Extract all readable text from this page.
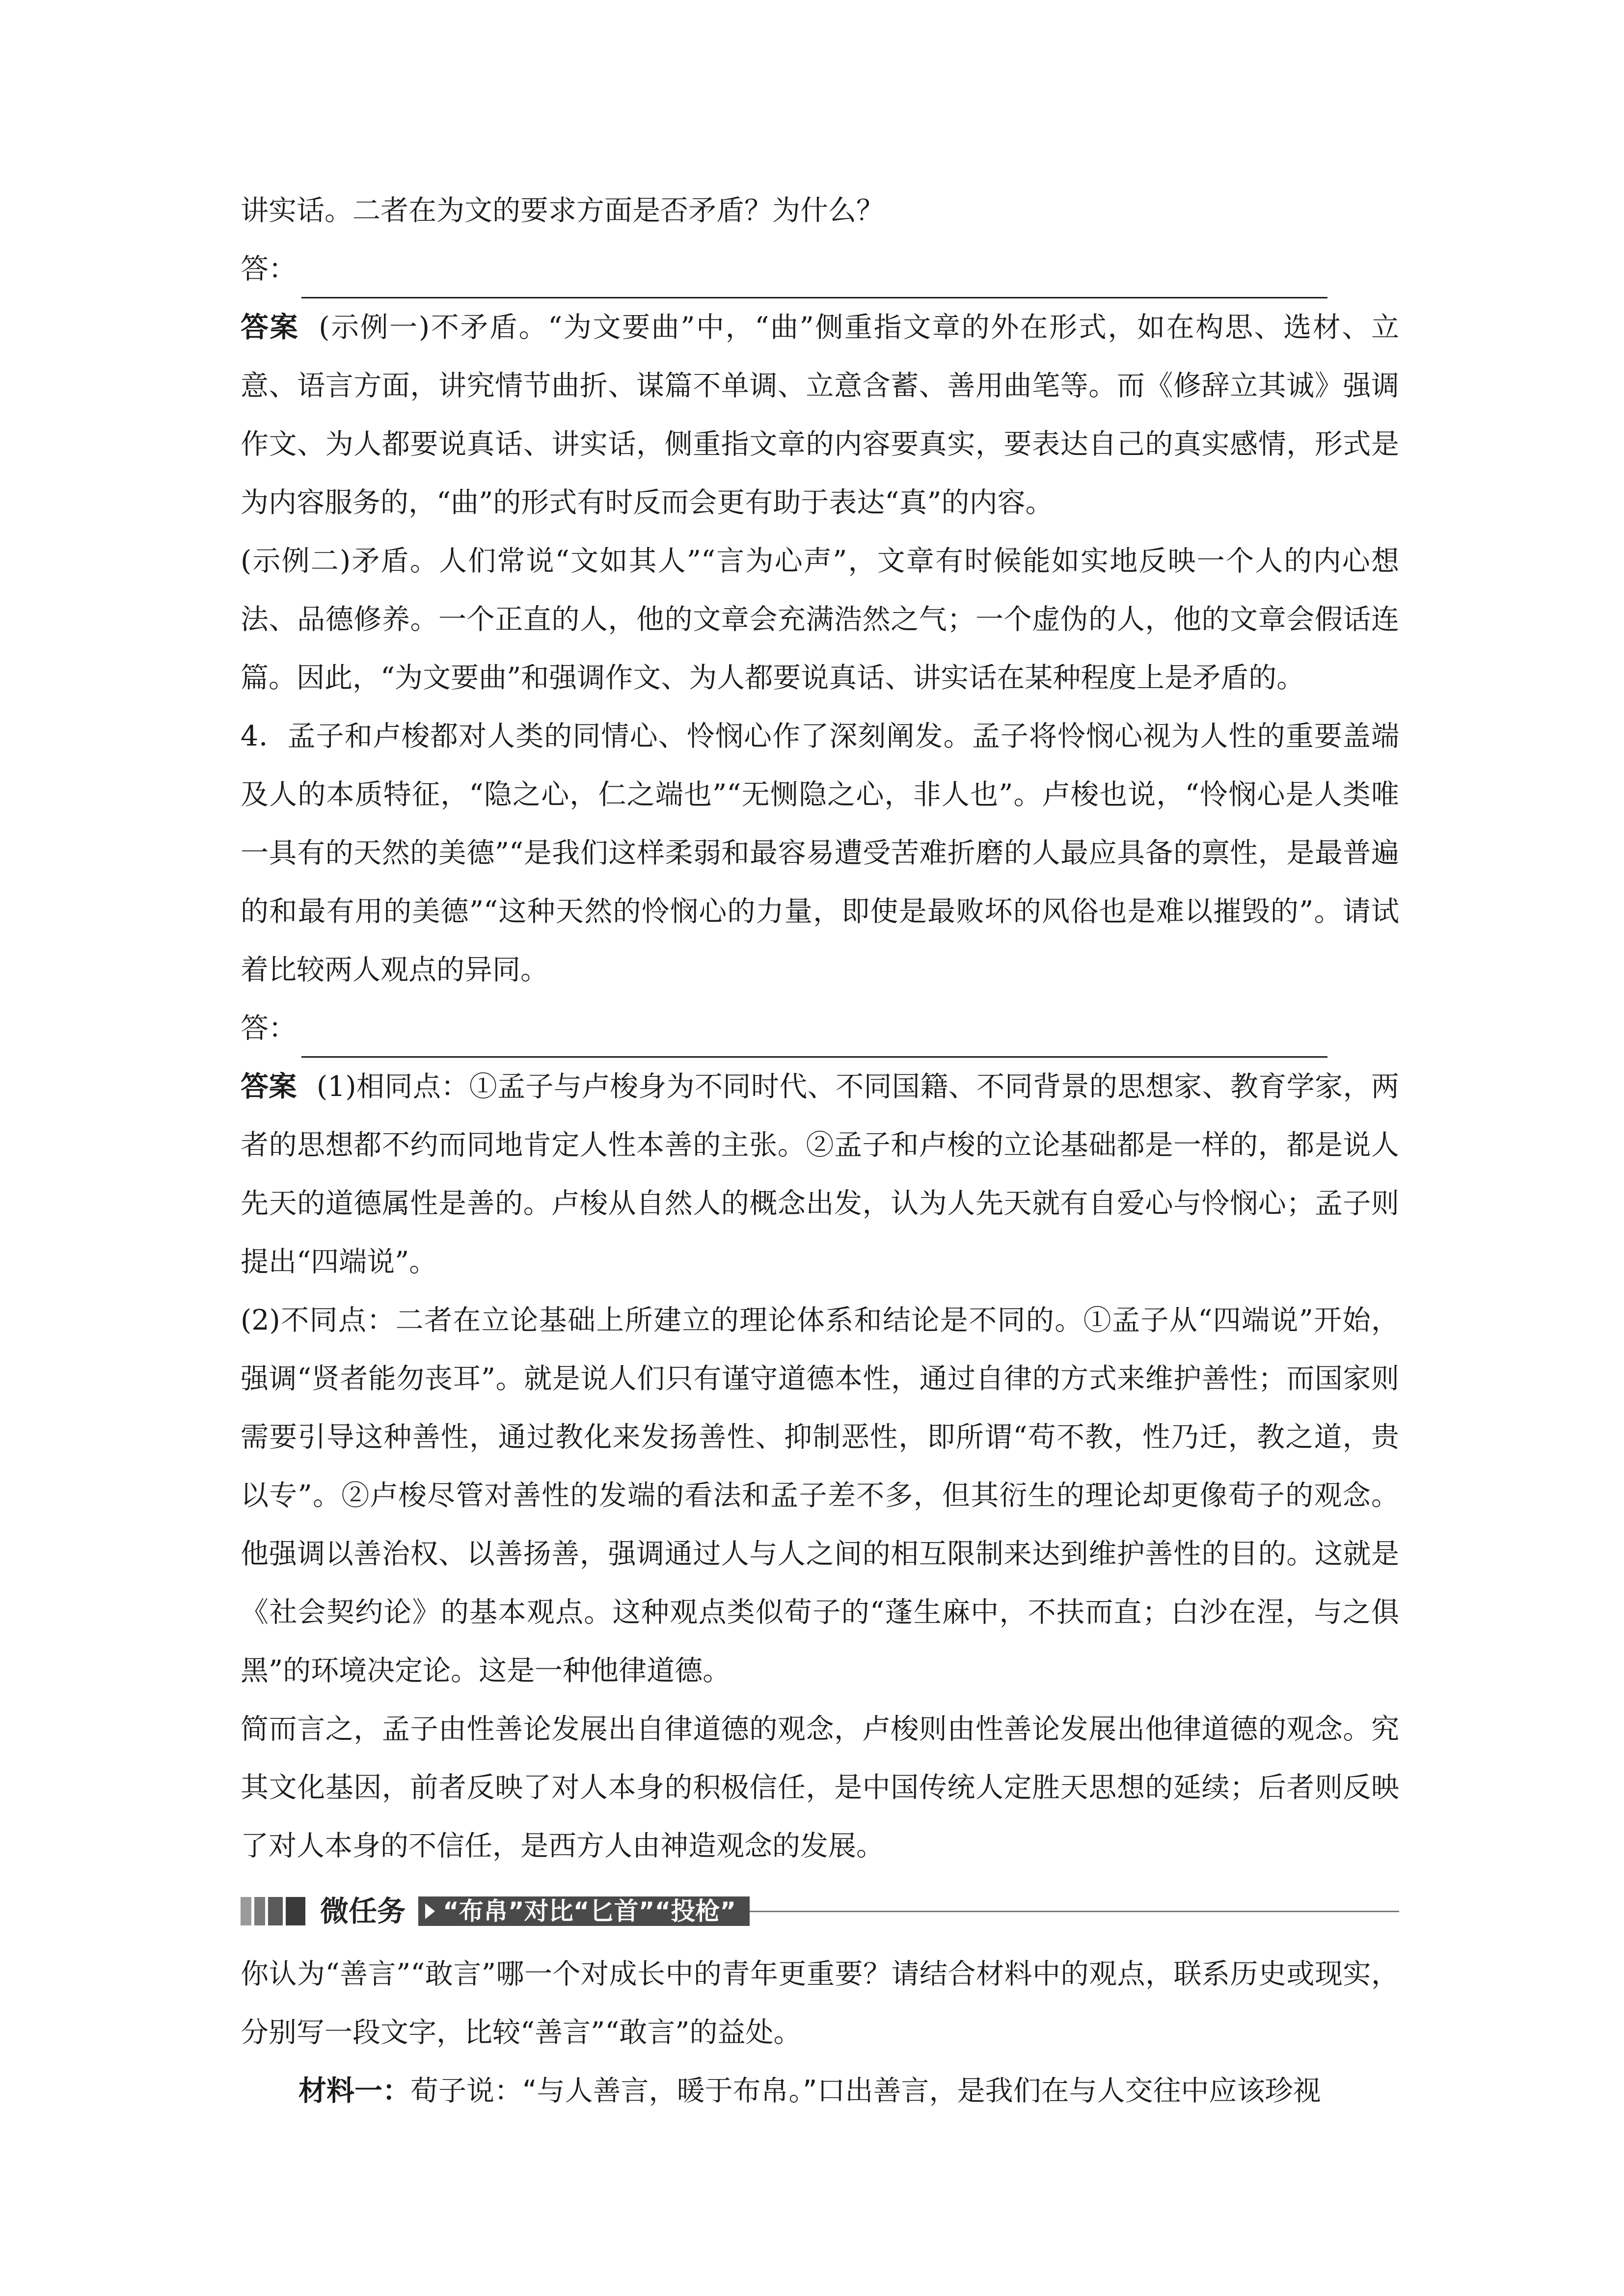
讲实话。二者在为文的要求方面是否矛盾？为什么？

答：

答案 (示例一)不矛盾。“为文要曲”中，“曲”侧重指文章的外在形式，如在构思、选材、立意、语言方面，讲究情节曲折、谋篇不单调、立意含蓄、善用曲笔等。而《修辞立其诚》强调作文、为人都要说真话、讲实话，侧重指文章的内容要真实，要表达自己的真实感情，形式是为内容服务的，“曲”的形式有时反而会更有助于表达“真”的内容。

(示例二)矛盾。人们常说“文如其人”“言为心声”，文章有时候能如实地反映一个人的内心想法、品德修养。一个正直的人，他的文章会充满浩然之气；一个虚伪的人，他的文章会假话连篇。因此，“为文要曲”和强调作文、为人都要说真话、讲实话在某种程度上是矛盾的。

4．孟子和卢梭都对人类的同情心、怜悯心作了深刻阐发。孟子将怜悯心视为人性的重要盖端及人的本质特征，“隐之心，仁之端也”“无恻隐之心，非人也”。卢梭也说，“怜悯心是人类唯一具有的天然的美德”“是我们这样柔弱和最容易遭受苦难折磨的人最应具备的禀性，是最普遍的和最有用的美德”“这种天然的怜悯心的力量，即使是最败坏的风俗也是难以摧毁的”。请试着比较两人观点的异同。

答：

答案 (1)相同点：①孟子与卢梭身为不同时代、不同国籍、不同背景的思想家、教育学家，两者的思想都不约而同地肯定人性本善的主张。②孟子和卢梭的立论基础都是一样的，都是说人先天的道德属性是善的。卢梭从自然人的概念出发，认为人先天就有自爱心与怜悯心；孟子则提出“四端说”。

(2)不同点：二者在立论基础上所建立的理论体系和结论是不同的。①孟子从“四端说”开始，强调“贤者能勿丧耳”。就是说人们只有谨守道德本性，通过自律的方式来维护善性；而国家则需要引导这种善性，通过教化来发扬善性、抑制恶性，即所谓“苟不教，性乃迁，教之道，贵以专”。②卢梭尽管对善性的发端的看法和孟子差不多，但其衍生的理论却更像荀子的观念。他强调以善治权、以善扬善，强调通过人与人之间的相互限制来达到维护善性的目的。这就是《社会契约论》的基本观点。这种观点类似荀子的“蓬生麻中，不扶而直；白沙在涅，与之俱黑”的环境决定论。这是一种他律道德。

简而言之，孟子由性善论发展出自律道德的观念，卢梭则由性善论发展出他律道德的观念。究其文化基因，前者反映了对人本身的积极信任，是中国传统人定胜天思想的延续；后者则反映了对人本身的不信任，是西方人由神造观念的发展。

微任务 “布帛”对比“匕首”“投枪”

你认为“善言”“敢言”哪一个对成长中的青年更重要？请结合材料中的观点，联系历史或现实，分别写一段文字，比较“善言”“敢言”的益处。

材料一：荀子说：“与人善言，暖于布帛。”口出善言，是我们在与人交往中应该珍视
